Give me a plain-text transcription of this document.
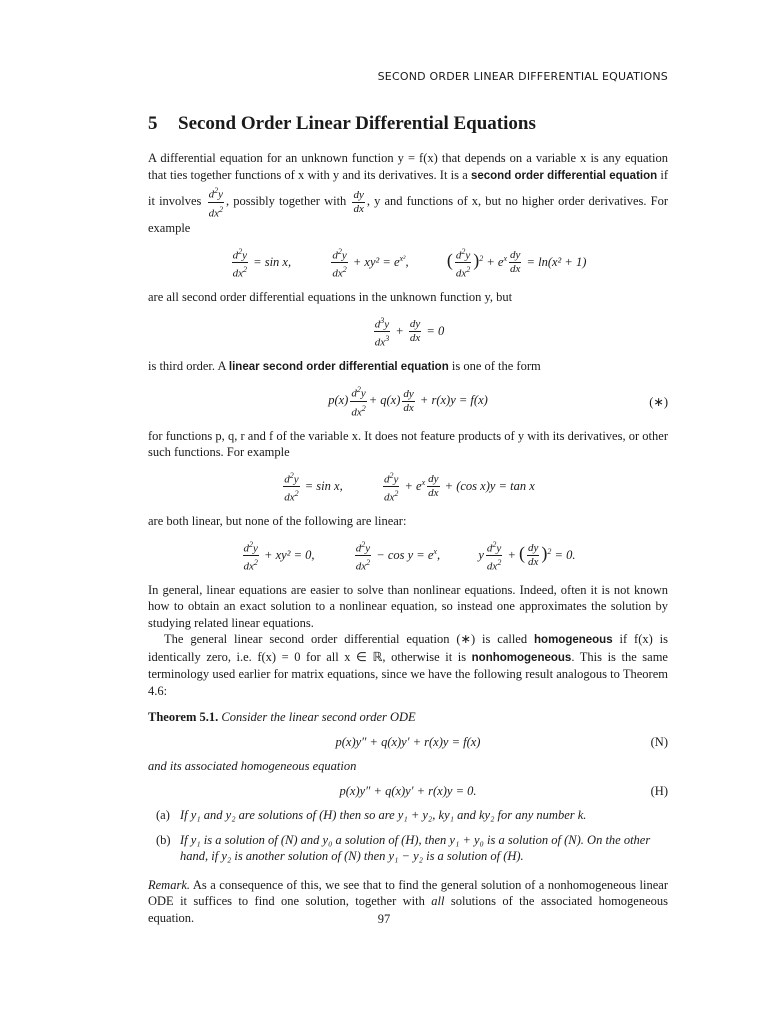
SECOND ORDER LINEAR DIFFERENTIAL EQUATIONS
5 Second Order Linear Differential Equations

A differential equation for an unknown function y = f(x) that depends on a variable x is any equation that ties together functions of x with y and its derivatives. It is a second order differential equation if it involves $\frac{d^2y}{dx^2}$ , possibly together with $\frac{dy}{dx}$ , y and functions of x, but no higher order derivatives. For example

$\frac{d^2y}{dx^2} = \sin x$,	$\frac{d^2y}{dx^2} + xy^2 = e^{x^2}$, ( $\frac{d^2y}{dx^2} )^2 + e^x \frac{dy}{dx} = \ln(x^2 + 1)$

are all second order differential equations in the unknown function y, but

$\frac{d^3y}{dx^3} + \frac{dy}{dx} = 0$

is third order. A linear second order differential equation is one of the form

$p(x) \frac{d^2y}{dx^2} + q(x) \frac{dy}{dx} + r(x)y = f(x)$	(∗)

for functions p, q, r and f of the variable x. It does not feature products of y with its derivatives, or other such functions. For example

$\frac{d^2y}{dx^2} = \sin x$,	$\frac{d^2y}{dx^2} + e^x \frac{dy}{dx} + (\cos$ x)y = tan x

are both linear, but none of the following are linear:

$\frac{d^2y}{dx^2} + xy^2 = 0$,	$\frac{d^2y}{dx^2} - \cos y = e^x$,	y $\frac{d^2y}{dx^2}$ + ( $\frac{dy}{dx} )^2 = 0$.

In general, linear equations are easier to solve than nonlinear equations. Indeed, often it is not known how to obtain an exact solution to a nonlinear equation, so instead one approximates the solution by studying related linear equations.

The general linear second order differential equation (∗) is called homogeneous if f(x) is identically zero, i.e. f(x) = 0 for all x ∈ ℝ, otherwise it is nonhomogeneous. This is the same terminology used earlier for matrix equations, since we have the following result analogous to Theorem 4.6:

Theorem 5.1. Consider the linear second order ODE

p(x)y″ + q(x)y′ + r(x)y = f(x)	(N)

and its associated homogeneous equation

p(x)y″ + q(x)y′ + r(x)y = 0.	(H)
(a) If y₁ and y₂ are solutions of (H) then so are y₁ + y₂, ky₁ and ky₂ for any number k.
(b) If y₁ is a solution of (N) and y₀ a solution of (H), then y₁ + y₀ is a solution of (N). On the other hand, if y₂ is another solution of (N) then y₁ − y₂ is a solution of (H).

Remark. As a consequence of this, we see that to find the general solution of a nonhomogeneous linear ODE it suffices to find one solution, together with all solutions of the associated homogeneous equation.	97
